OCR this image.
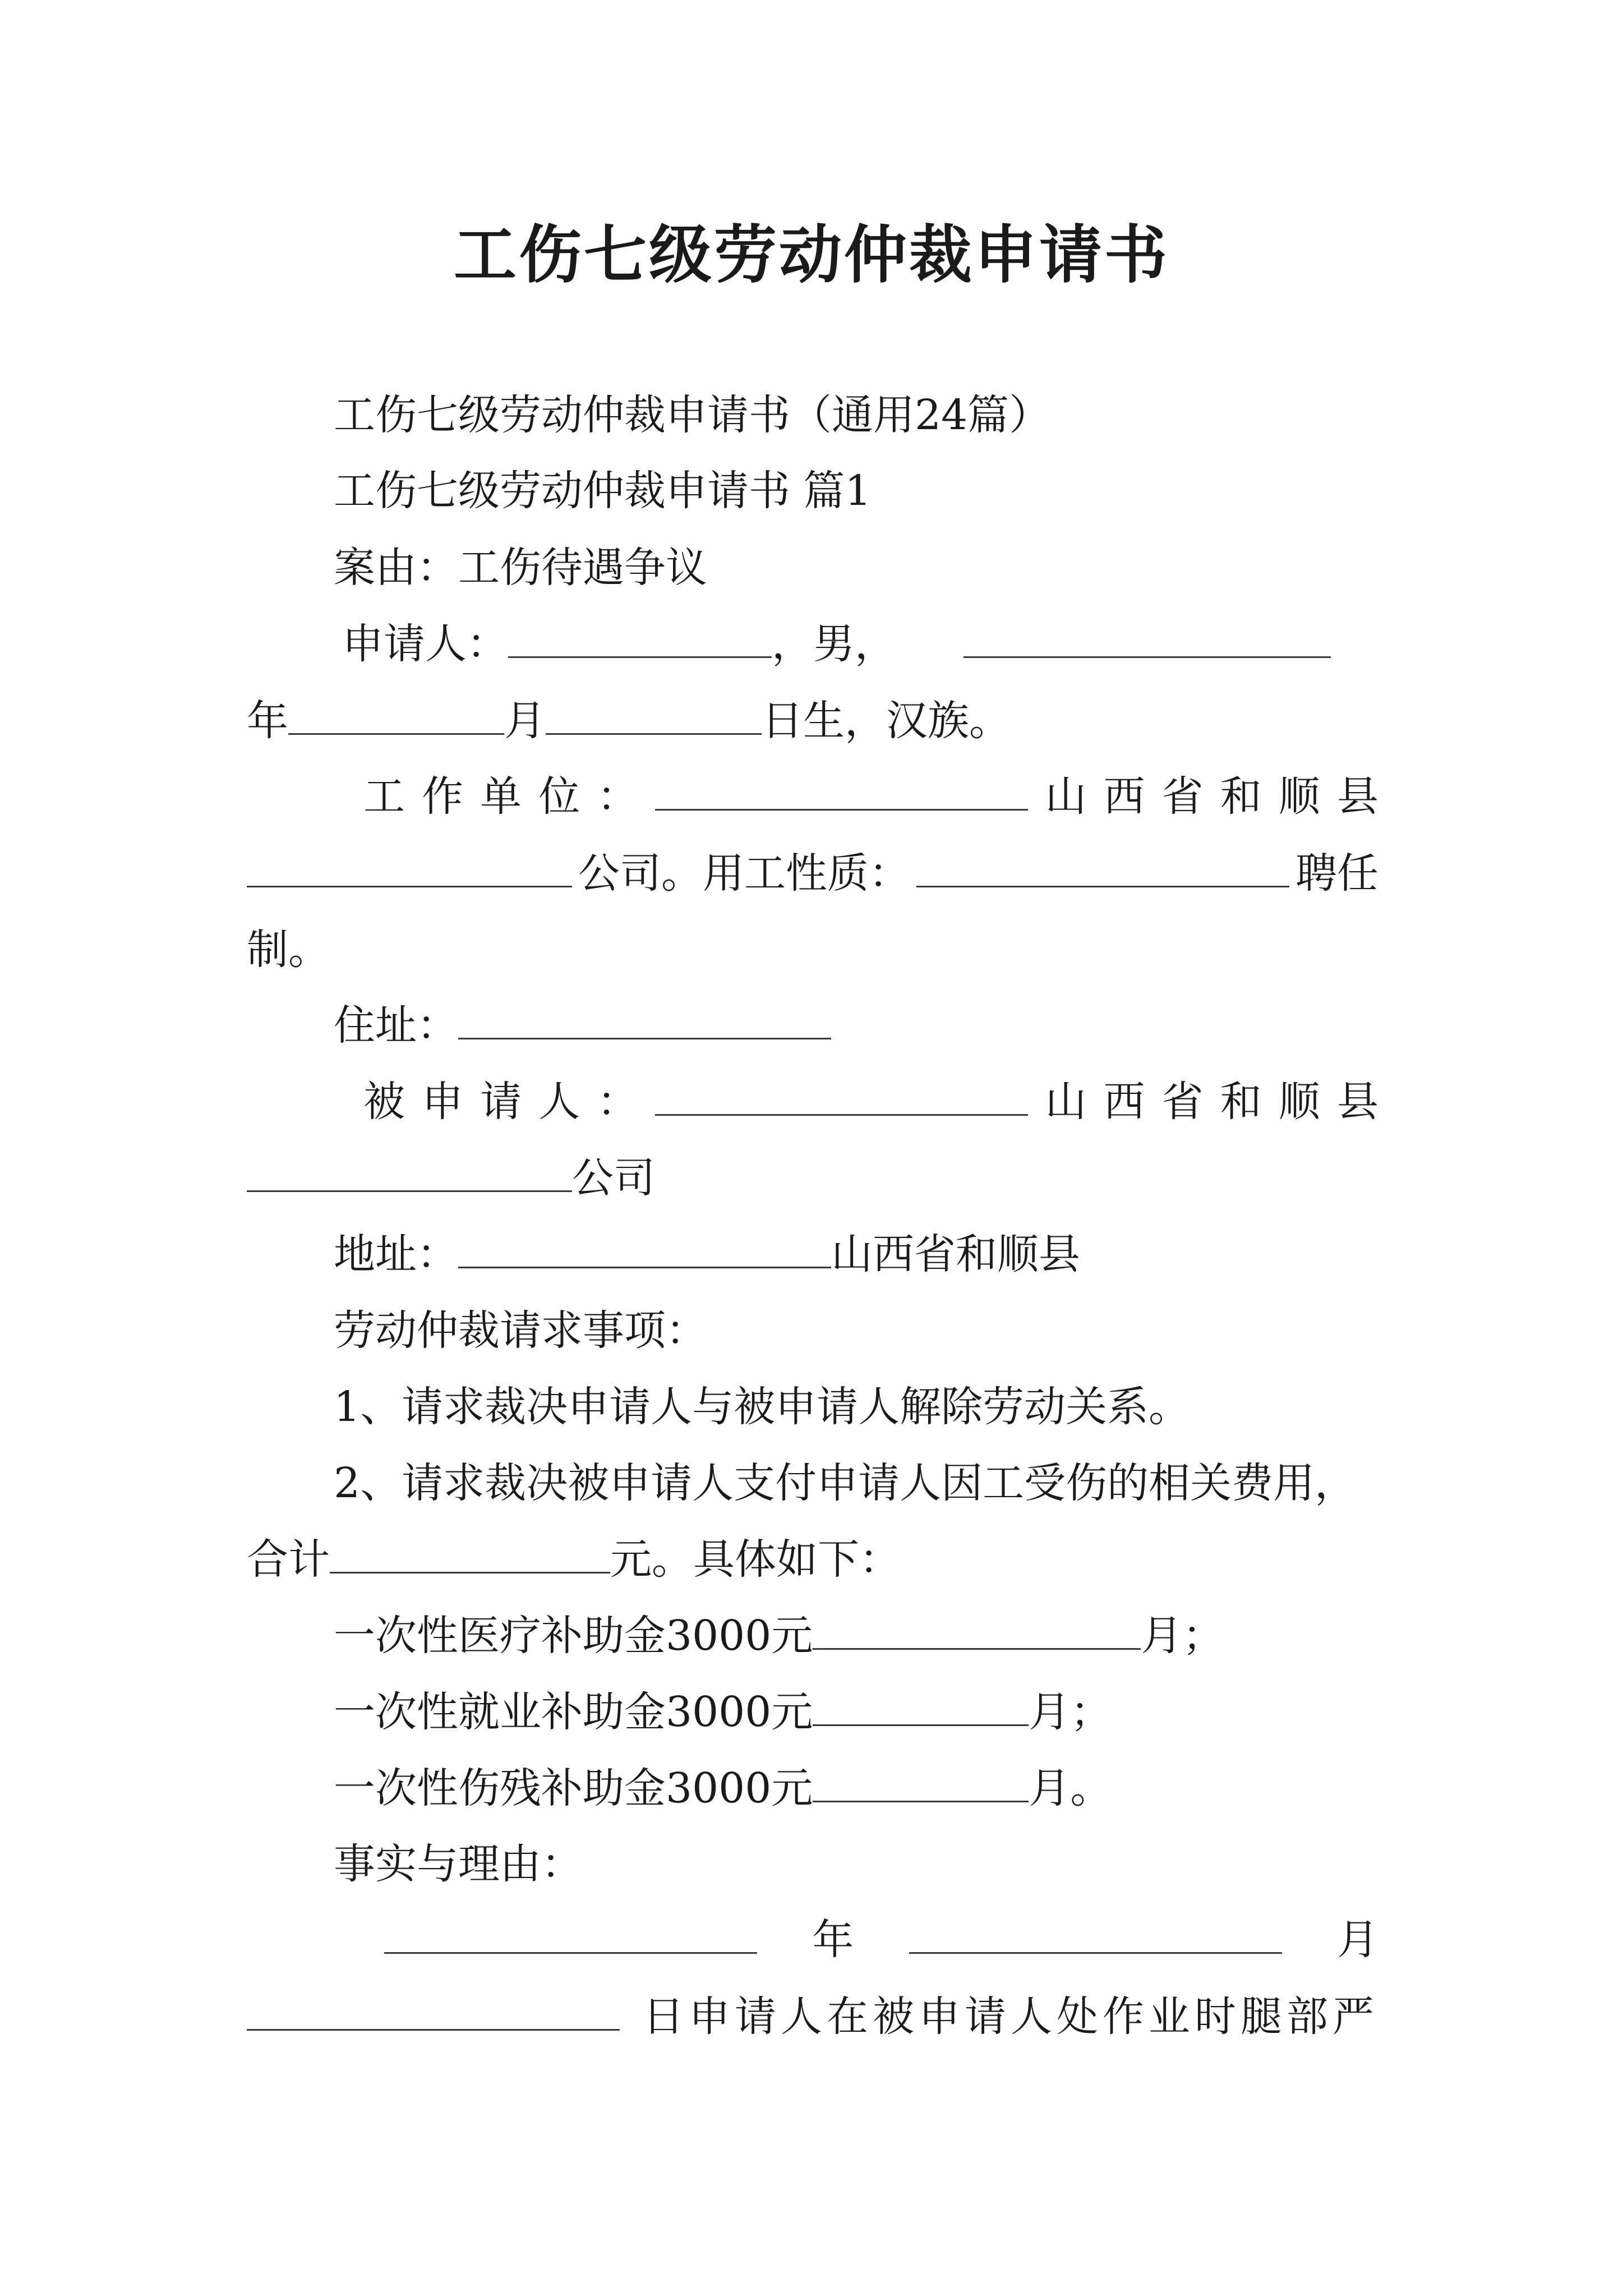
工伤七级劳动仲裁申请书
工伤七级劳动仲裁申请书（通用24篇）
工伤七级劳动仲裁申请书 篇1
案由：工伤待遇争议
申请人：	，男，
年	月	日生，汉族。
工 作 单 位 ：	山 西 省 和 顺 县
公司。用工性质：	聘任
制。
住址：
被 申 请 人 ：	山 西 省 和 顺 县
公司
地址：	山西省和顺县
劳动仲裁请求事项：
1、请求裁决申请人与被申请人解除劳动关系。
2、请求裁决被申请人支付申请人因工受伤的相关费用，
合计	元。具体如下：
一次性医疗补助金3000元	月；
一次性就业补助金3000元	月；
一次性伤残补助金3000元	月。
事实与理由：
年	月
日申请人在被申请人处作业时腿部严
